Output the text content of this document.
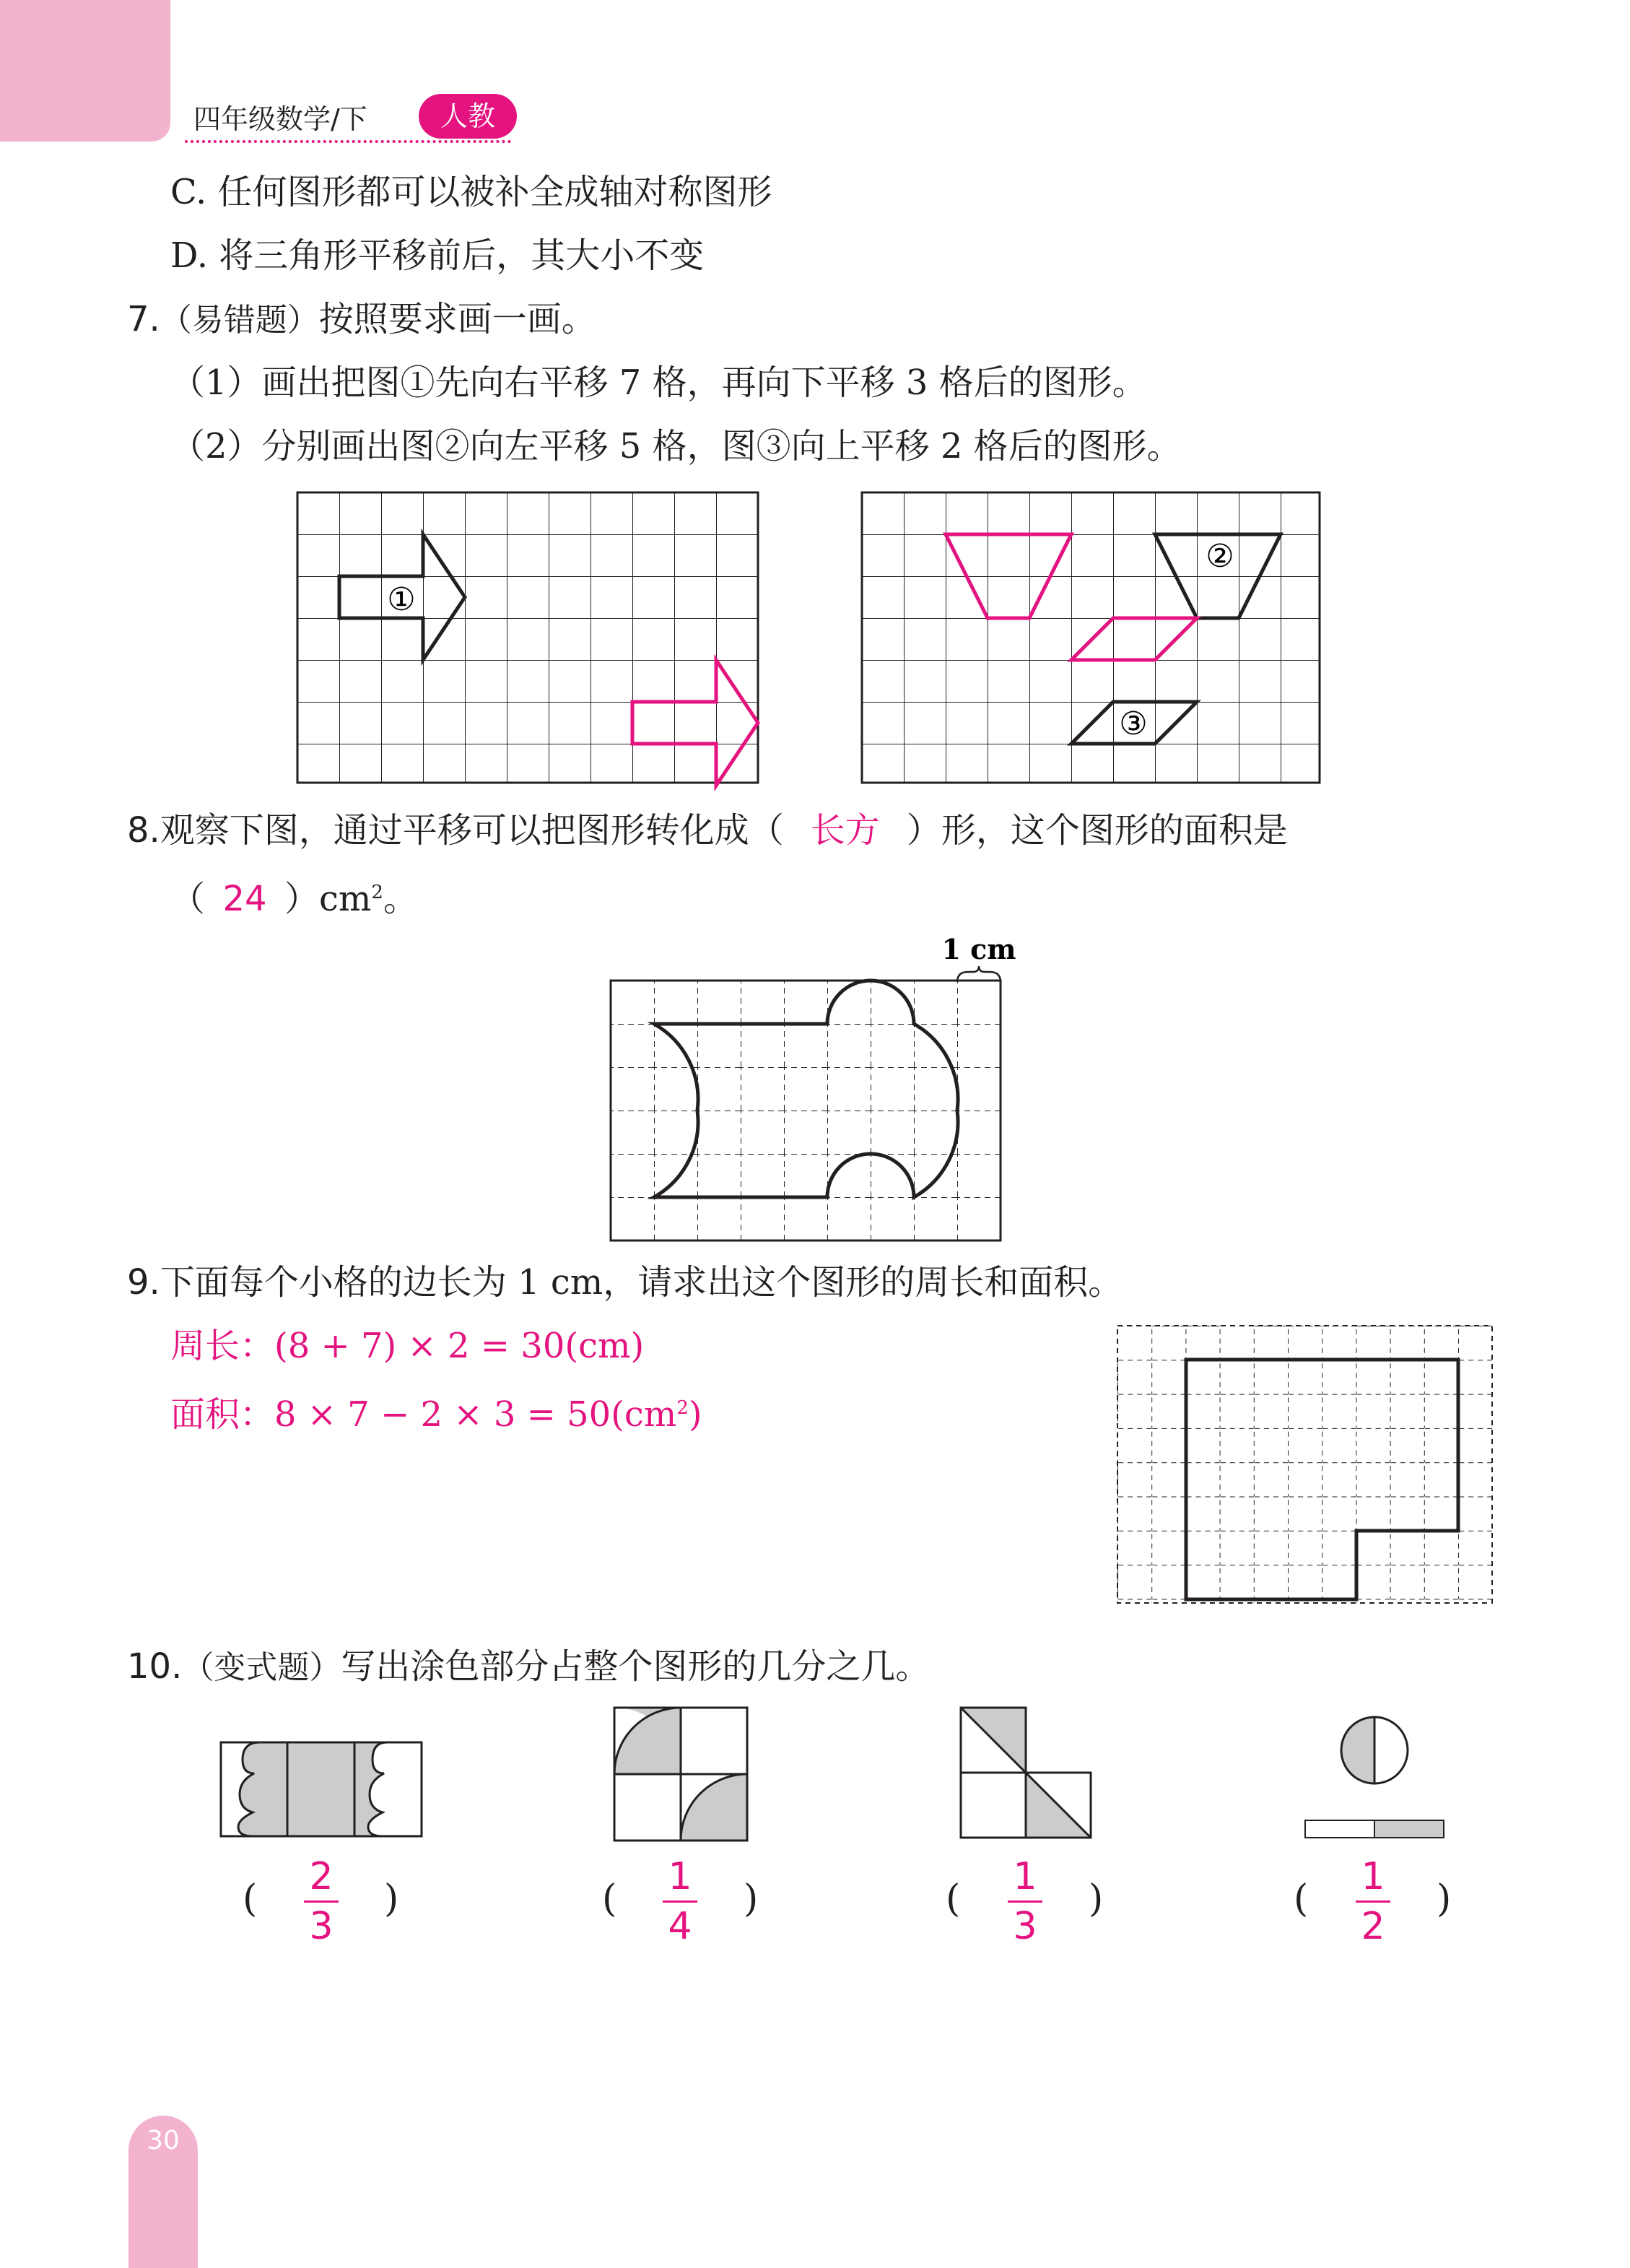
四年级数学/下	人教
C. 任何图形都可以被补全成轴对称图形
D. 将三角形平移前后，其大小不变
7.（易错题）按照要求画一画。
（1）画出把图①先向右平移 7 格，再向下平移 3 格后的图形。
（2）分别画出图②向左平移 5 格，图③向上平移 2 格后的图形。
①
②
③
8.观察下图，通过平移可以把图形转化成（ 长方 ）形，这个图形的面积是
（ 24 ）$cm^2$。
1 cm
9.下面每个小格的边长为 1 cm，请求出这个图形的周长和面积。
周长：(8 + 7) × 2 = 30(cm)
面积：$8 \times 7 - 2 \times 3 = 50(cm^2)$
10.（变式题）写出涂色部分占整个图形的几分之几。
(
2
3
)	(
1
4
)	(
1
3
)	(
1
2
)
30
